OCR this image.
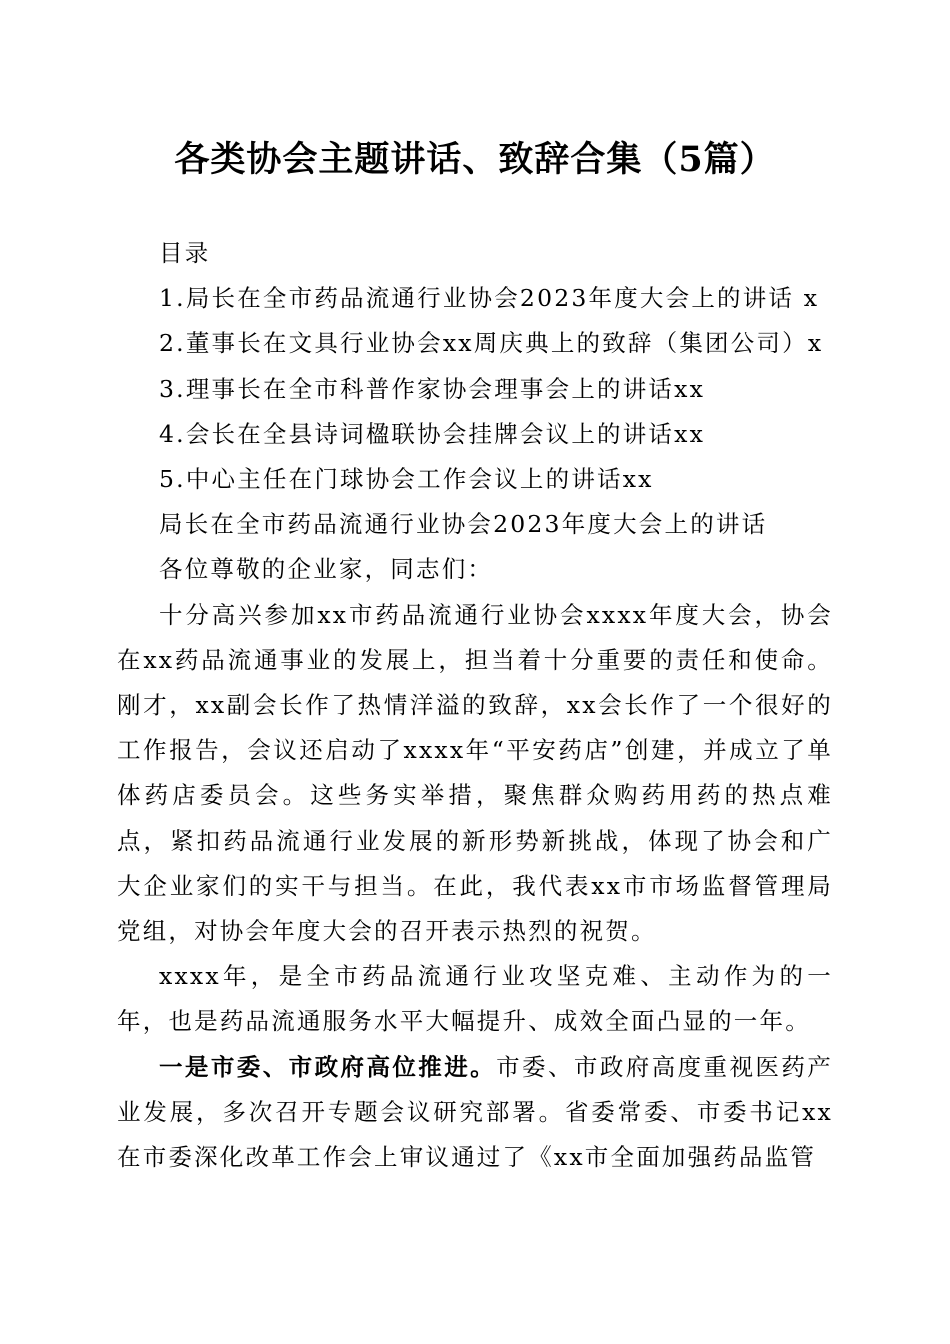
各类协会主题讲话、致辞合集（5篇）
目录
1.局长在全市药品流通行业协会2023年度大会上的讲话 x
2.董事长在文具行业协会xx周庆典上的致辞（集团公司）x
3.理事长在全市科普作家协会理事会上的讲话xx
4.会长在全县诗词楹联协会挂牌会议上的讲话xx
5.中心主任在门球协会工作会议上的讲话xx
局长在全市药品流通行业协会2023年度大会上的讲话
各位尊敬的企业家，同志们：
十分高兴参加xx市药品流通行业协会xxxx年度大会，协会在xx药品流通事业的发展上，担当着十分重要的责任和使命。刚才，xx副会长作了热情洋溢的致辞，xx会长作了一个很好的工作报告，会议还启动了xxxx年“平安药店”创建，并成立了单体药店委员会。这些务实举措，聚焦群众购药用药的热点难点，紧扣药品流通行业发展的新形势新挑战，体现了协会和广大企业家们的实干与担当。在此，我代表xx市市场监督管理局党组，对协会年度大会的召开表示热烈的祝贺。
xxxx年，是全市药品流通行业攻坚克难、主动作为的一年，也是药品流通服务水平大幅提升、成效全面凸显的一年。
一是市委、市政府高位推进。市委、市政府高度重视医药产业发展，多次召开专题会议研究部署。省委常委、市委书记xx在市委深化改革工作会上审议通过了《xx市全面加强药品监管
